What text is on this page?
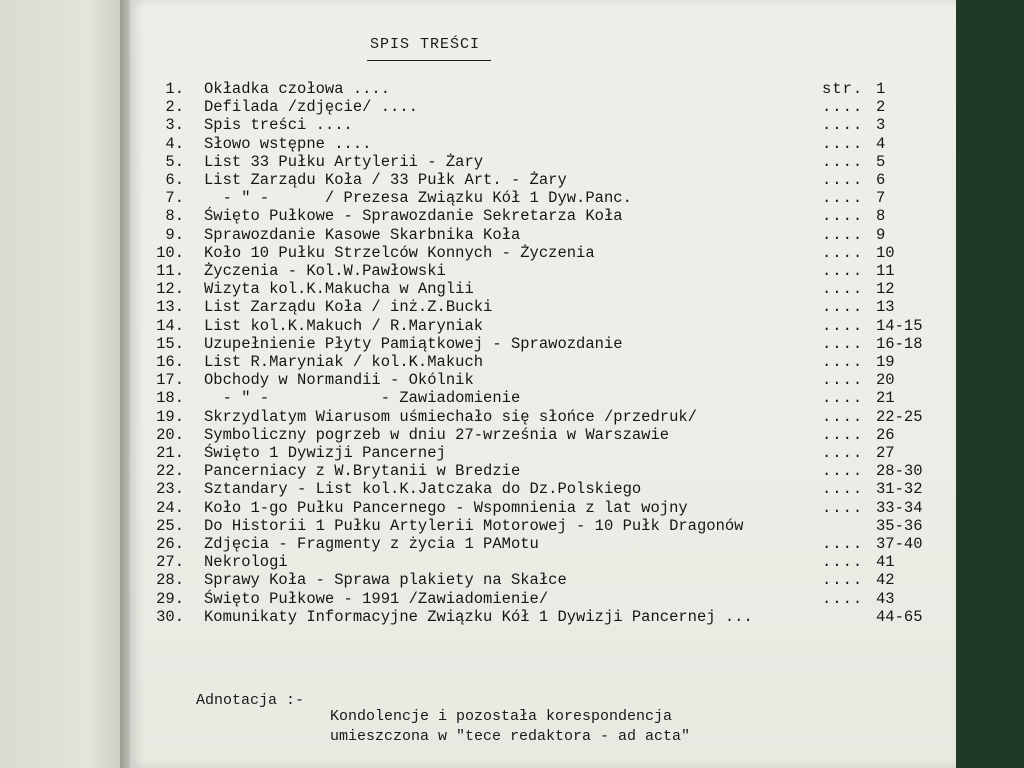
SPIS TREŚCI
1. Okładka czołowa ....	str. 1
2. Defilada /zdjęcie/ ....	.... 2
3. Spis treści ....	.... 3
4. Słowo wstępne ....	.... 4
5. List 33 Pułku Artylerii - Żary	.... 5
6. List Zarządu Koła / 33 Pułk Art. - Żary	.... 6
7. - " -      / Prezesa Związku Kół 1 Dyw.Panc.	.... 7
8. Święto Pułkowe - Sprawozdanie Sekretarza Koła	.... 8
9. Sprawozdanie Kasowe Skarbnika Koła	.... 9
10. Koło 10 Pułku Strzelców Konnych - Życzenia	.... 10
11. Życzenia - Kol.W.Pawłowski	.... 11
12. Wizyta kol.K.Makucha w Anglii	.... 12
13. List Zarządu Koła / inż.Z.Bucki	.... 13
14. List kol.K.Makuch / R.Maryniak	.... 14-15
15. Uzupełnienie Płyty Pamiątkowej - Sprawozdanie	.... 16-18
16. List R.Maryniak / kol.K.Makuch	.... 19
17. Obchody w Normandii - Okólnik	.... 20
18. - " -            - Zawiadomienie	.... 21
19. Skrzydlatym Wiarusom uśmiechało się słońce /przedruk/	.... 22-25
20. Symboliczny pogrzeb w dniu 27-września w Warszawie	.... 26
21. Święto 1 Dywizji Pancernej	.... 27
22. Pancerniacy z W.Brytanii w Bredzie	.... 28-30
23. Sztandary - List kol.K.Jatczaka do Dz.Polskiego	.... 31-32
24. Koło 1-go Pułku Pancernego - Wspomnienia z lat wojny	.... 33-34
25. Do Historii 1 Pułku Artylerii Motorowej - 10 Pułk Dragonów	35-36
26. Zdjęcia - Fragmenty z życia 1 PAMotu	.... 37-40
27. Nekrologi	.... 41
28. Sprawy Koła - Sprawa plakiety na Skałce	.... 42
29. Święto Pułkowe - 1991 /Zawiadomienie/	.... 43
30. Komunikaty Informacyjne Związku Kół 1 Dywizji Pancernej ...	44-65
Adnotacja :-
Kondolencje i pozostała korespondencja
umieszczona w "tece redaktora - ad acta"
